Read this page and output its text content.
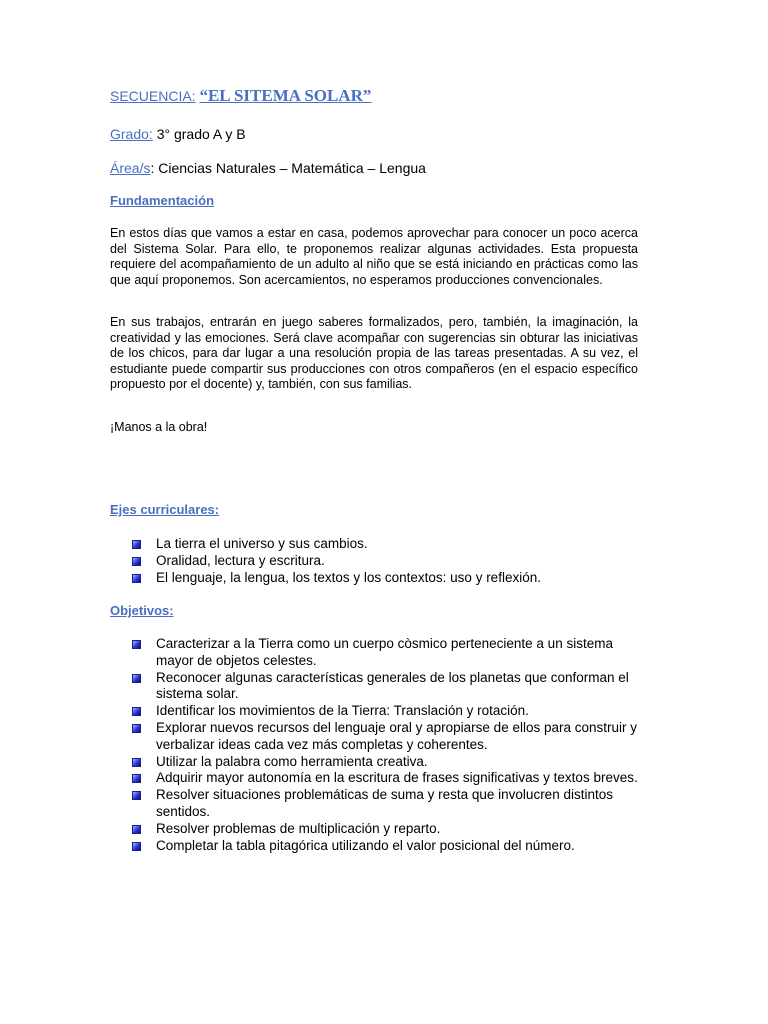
SECUENCIA: “EL SITEMA SOLAR”
Grado: 3° grado A y B
Área/s: Ciencias Naturales – Matemática – Lengua
Fundamentación

En estos días que vamos a estar en casa, podemos aprovechar para conocer un poco acerca del Sistema Solar. Para ello, te proponemos realizar algunas actividades. Esta propuesta requiere del acompañamiento de un adulto al niño que se está iniciando en prácticas como las que aquí proponemos. Son acercamientos, no esperamos producciones convencionales.

En sus trabajos, entrarán en juego saberes formalizados, pero, también, la imaginación, la creatividad y las emociones. Será clave acompañar con sugerencias sin obturar las iniciativas de los chicos, para dar lugar a una resolución propia de las tareas presentadas. A su vez, el estudiante puede compartir sus producciones con otros compañeros (en el espacio específico propuesto por el docente) y, también, con sus familias.

¡Manos a la obra!

Ejes curriculares:
La tierra el universo y sus cambios.
Oralidad, lectura y escritura.
El lenguaje, la lengua, los textos y los contextos: uso y reflexión.
Objetivos:
Caracterizar a la Tierra como un cuerpo còsmico perteneciente a un sistema mayor de objetos celestes.
Reconocer algunas características generales de los planetas que conforman el sistema solar.
Identificar los movimientos de la Tierra: Translación y rotación.
Explorar nuevos recursos del lenguaje oral y apropiarse de ellos para construir y verbalizar ideas cada vez más completas y coherentes.
Utilizar la palabra como herramienta creativa.
Adquirir mayor autonomía en la escritura de frases significativas y textos breves.
Resolver situaciones problemáticas de suma y resta que involucren distintos sentidos.
Resolver problemas de multiplicación y reparto.
Completar la tabla pitagórica utilizando el valor posicional del número.
